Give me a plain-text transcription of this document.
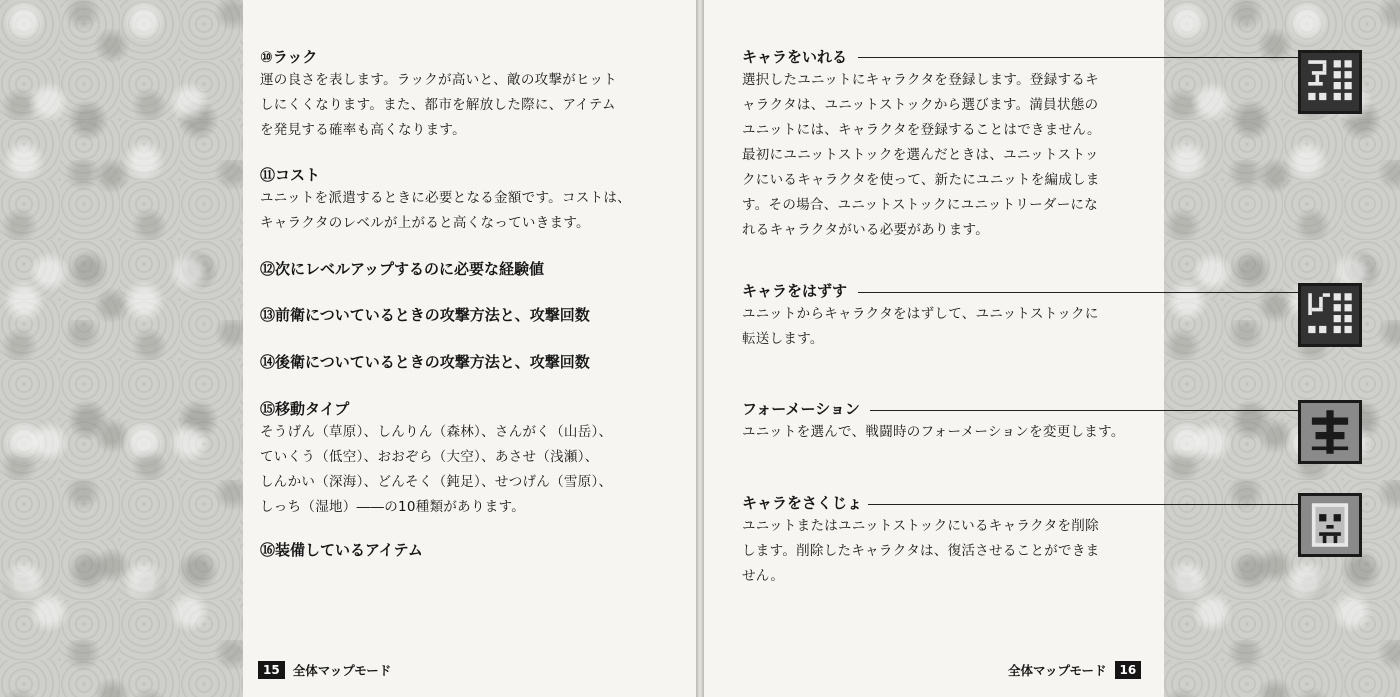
⑩ラック
運の良さを表します。ラックが高いと、敵の攻撃がヒット
しにくくなります。また、都市を解放した際に、アイテム
を発見する確率も高くなります。
⑪コスト
ユニットを派遣するときに必要となる金額です。コストは、
キャラクタのレベルが上がると高くなっていきます。
⑫次にレベルアップするのに必要な経験値
⑬前衛についているときの攻撃方法と、攻撃回数
⑭後衛についているときの攻撃方法と、攻撃回数
⑮移動タイプ
そうげん（草原）、しんりん（森林）、さんがく（山岳）、
ていくう（低空）、おおぞら（大空）、あさせ（浅瀬）、
しんかい（深海）、どんそく（鈍足）、せつげん（雪原）、
しっち（湿地）――の10種類があります。
⑯装備しているアイテム
15	全体マップモード
キャラをいれる
選択したユニットにキャラクタを登録します。登録するキ
ャラクタは、ユニットストックから選びます。満員状態の
ユニットには、キャラクタを登録することはできません。
最初にユニットストックを選んだときは、ユニットストッ
クにいるキャラクタを使って、新たにユニットを編成しま
す。その場合、ユニットストックにユニットリーダーにな
れるキャラクタがいる必要があります。
キャラをはずす
ユニットからキャラクタをはずして、ユニットストックに
転送します。
フォーメーション
ユニットを選んで、戦闘時のフォーメーションを変更します。
キャラをさくじょ
ユニットまたはユニットストックにいるキャラクタを削除
します。削除したキャラクタは、復活させることができま
せん。
全体マップモード	16
